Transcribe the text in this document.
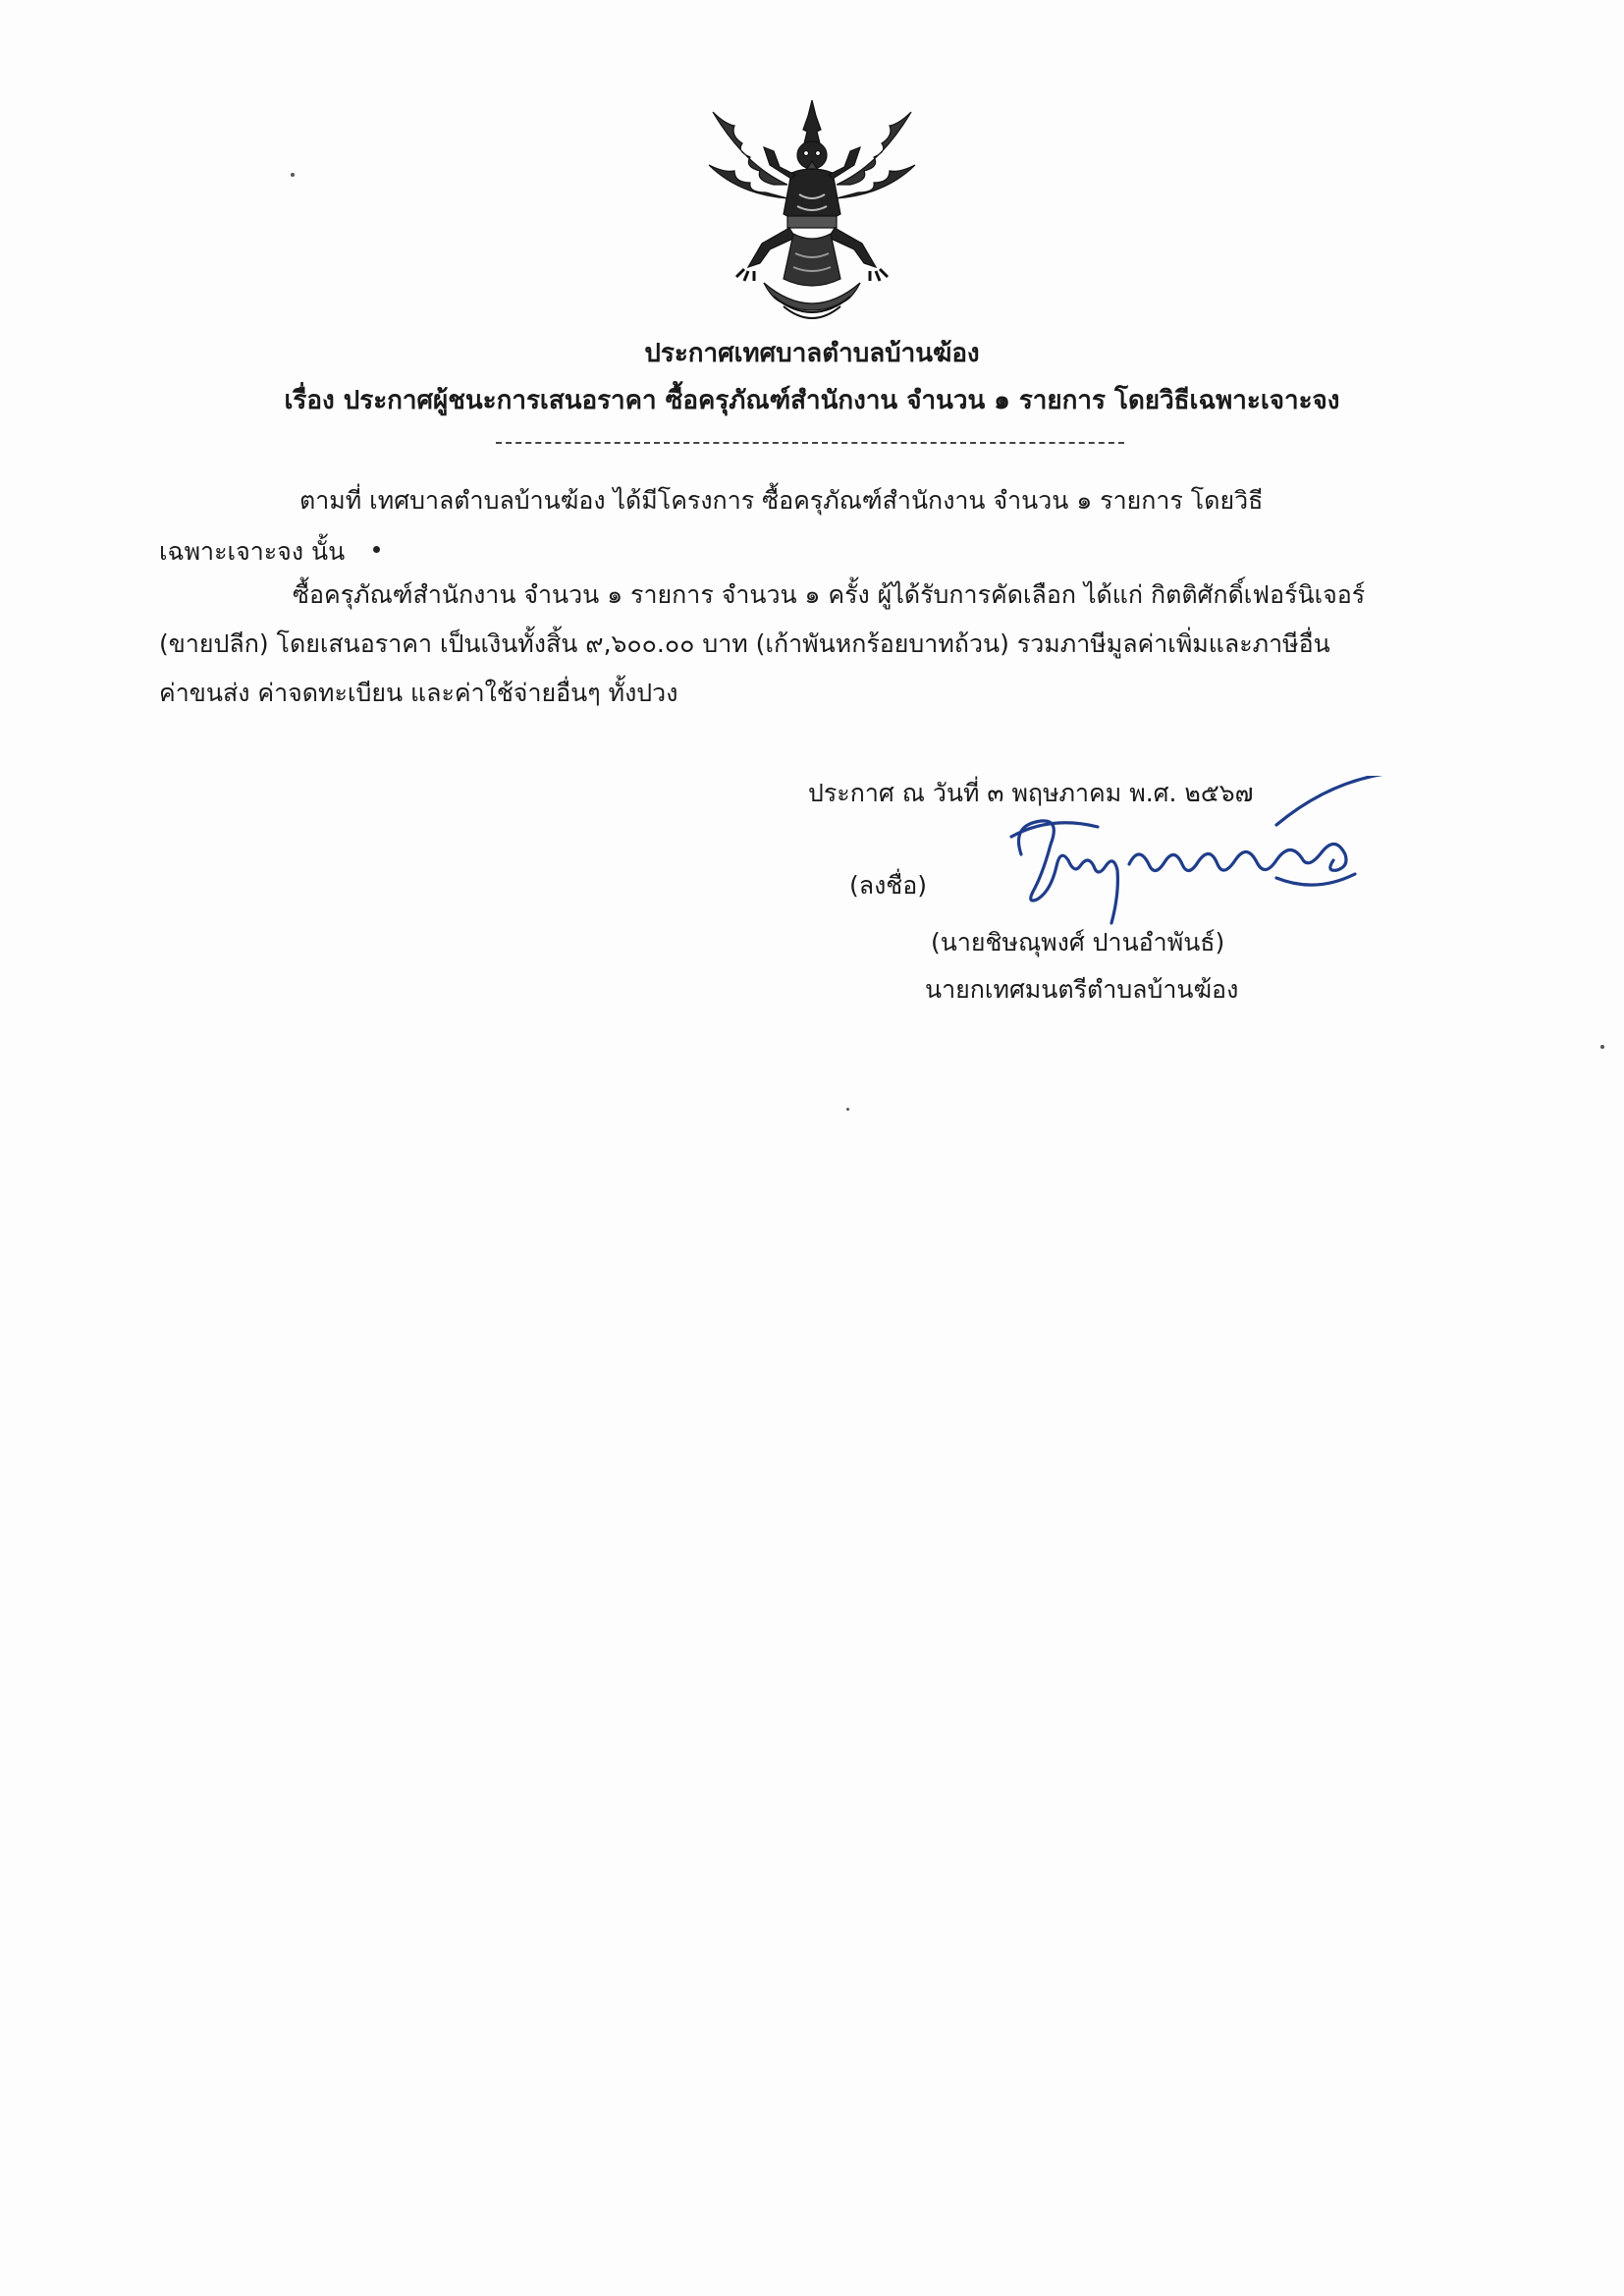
ประกาศเทศบาลตำบลบ้านฆ้อง
เรื่อง ประกาศผู้ชนะการเสนอราคา ซื้อครุภัณฑ์สำนักงาน จำนวน ๑ รายการ โดยวิธีเฉพาะเจาะจง
ตามที่ เทศบาลตำบลบ้านฆ้อง ได้มีโครงการ ซื้อครุภัณฑ์สำนักงาน จำนวน ๑ รายการ โดยวิธี
เฉพาะเจาะจง นั้น
ซื้อครุภัณฑ์สำนักงาน จำนวน ๑ รายการ จำนวน ๑ ครั้ง ผู้ได้รับการคัดเลือก ได้แก่ กิตติศักดิ์เฟอร์นิเจอร์
(ขายปลีก) โดยเสนอราคา เป็นเงินทั้งสิ้น ๙,๖๐๐.๐๐ บาท (เก้าพันหกร้อยบาทถ้วน) รวมภาษีมูลค่าเพิ่มและภาษีอื่น
ค่าขนส่ง ค่าจดทะเบียน และค่าใช้จ่ายอื่นๆ ทั้งปวง
ประกาศ ณ วันที่ ๓ พฤษภาคม พ.ศ. ๒๕๖๗
(ลงชื่อ)
(นายชิษณุพงศ์ ปานอำพันธ์)
นายกเทศมนตรีตำบลบ้านฆ้อง
